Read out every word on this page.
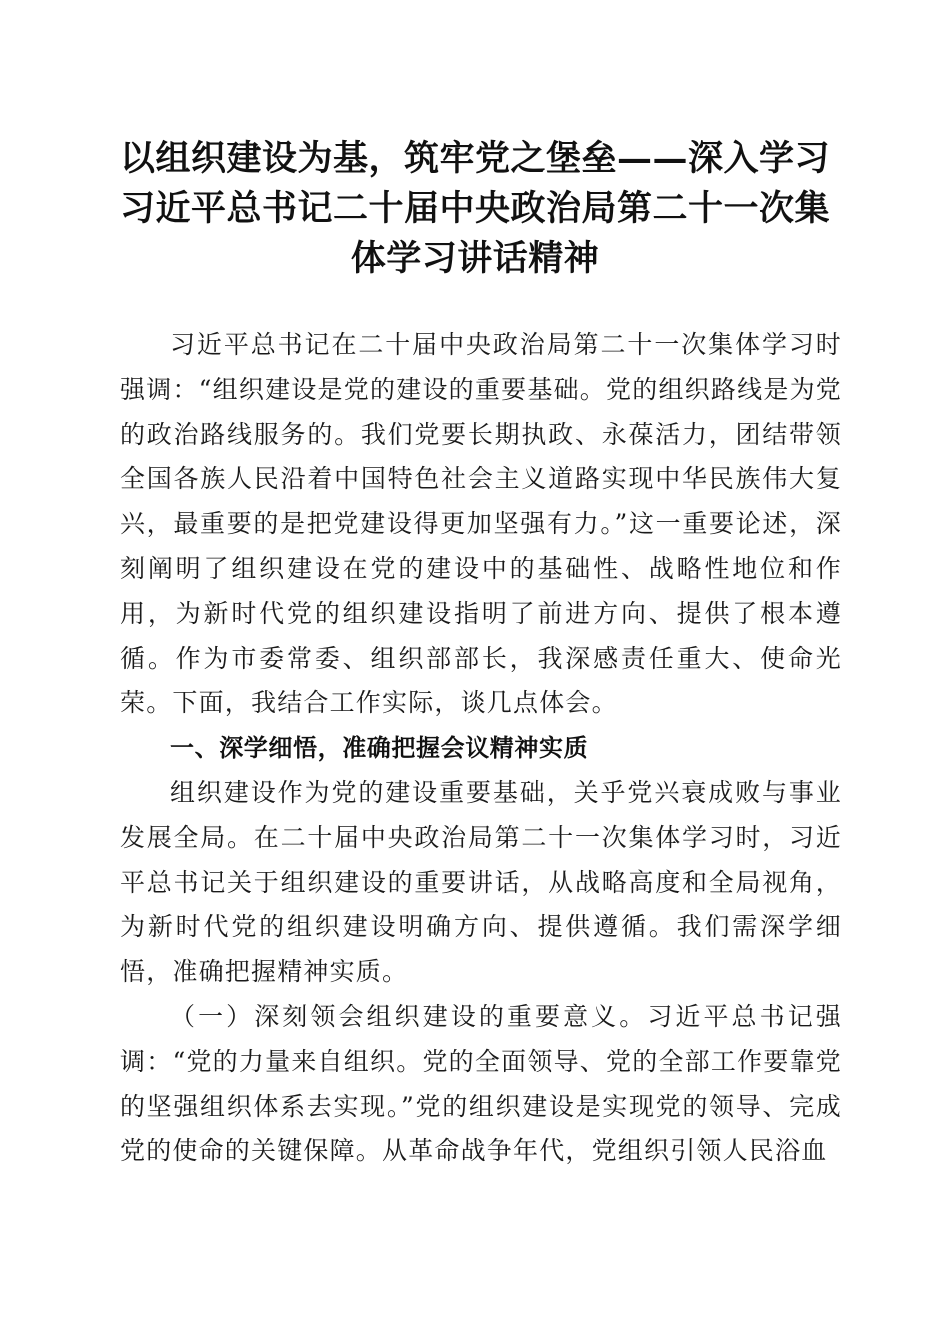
以组织建设为基，筑牢党之堡垒——深入学习
习近平总书记二十届中央政治局第二十一次集
体学习讲话精神

习近平总书记在二十届中央政治局第二十一次集体学习时强调：“组织建设是党的建设的重要基础。党的组织路线是为党的政治路线服务的。我们党要长期执政、永葆活力，团结带领全国各族人民沿着中国特色社会主义道路实现中华民族伟大复兴，最重要的是把党建设得更加坚强有力。”这一重要论述，深刻阐明了组织建设在党的建设中的基础性、战略性地位和作用，为新时代党的组织建设指明了前进方向、提供了根本遵循。作为市委常委、组织部部长，我深感责任重大、使命光荣。下面，我结合工作实际，谈几点体会。

一、深学细悟，准确把握会议精神实质

组织建设作为党的建设重要基础，关乎党兴衰成败与事业发展全局。在二十届中央政治局第二十一次集体学习时，习近平总书记关于组织建设的重要讲话，从战略高度和全局视角，为新时代党的组织建设明确方向、提供遵循。我们需深学细悟，准确把握精神实质。

（一）深刻领会组织建设的重要意义。习近平总书记强调：“党的力量来自组织。党的全面领导、党的全部工作要靠党的坚强组织体系去实现。”党的组织建设是实现党的领导、完成党的使命的关键保障。从革命战争年代，党组织引领人民浴血
